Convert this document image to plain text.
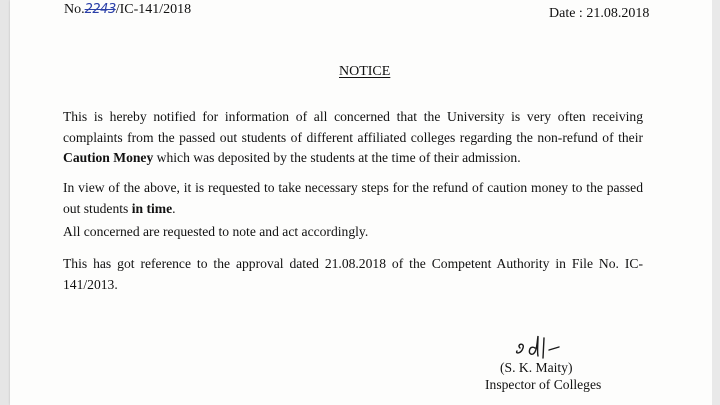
No.2243/IC-141/2018	Date : 21.08.2018
NOTICE

This is hereby notified for information of all concerned that the University is very often receiving complaints from the passed out students of different affiliated colleges regarding the non-refund of their Caution Money which was deposited by the students at the time of their admission.

In view of the above, it is requested to take necessary steps for the refund of caution money to the passed out students in time.

All concerned are requested to note and act accordingly.

This has got reference to the approval dated 21.08.2018 of the Competent Authority in File No. IC-141/2013.

(S. K. Maity)
Inspector of Colleges
